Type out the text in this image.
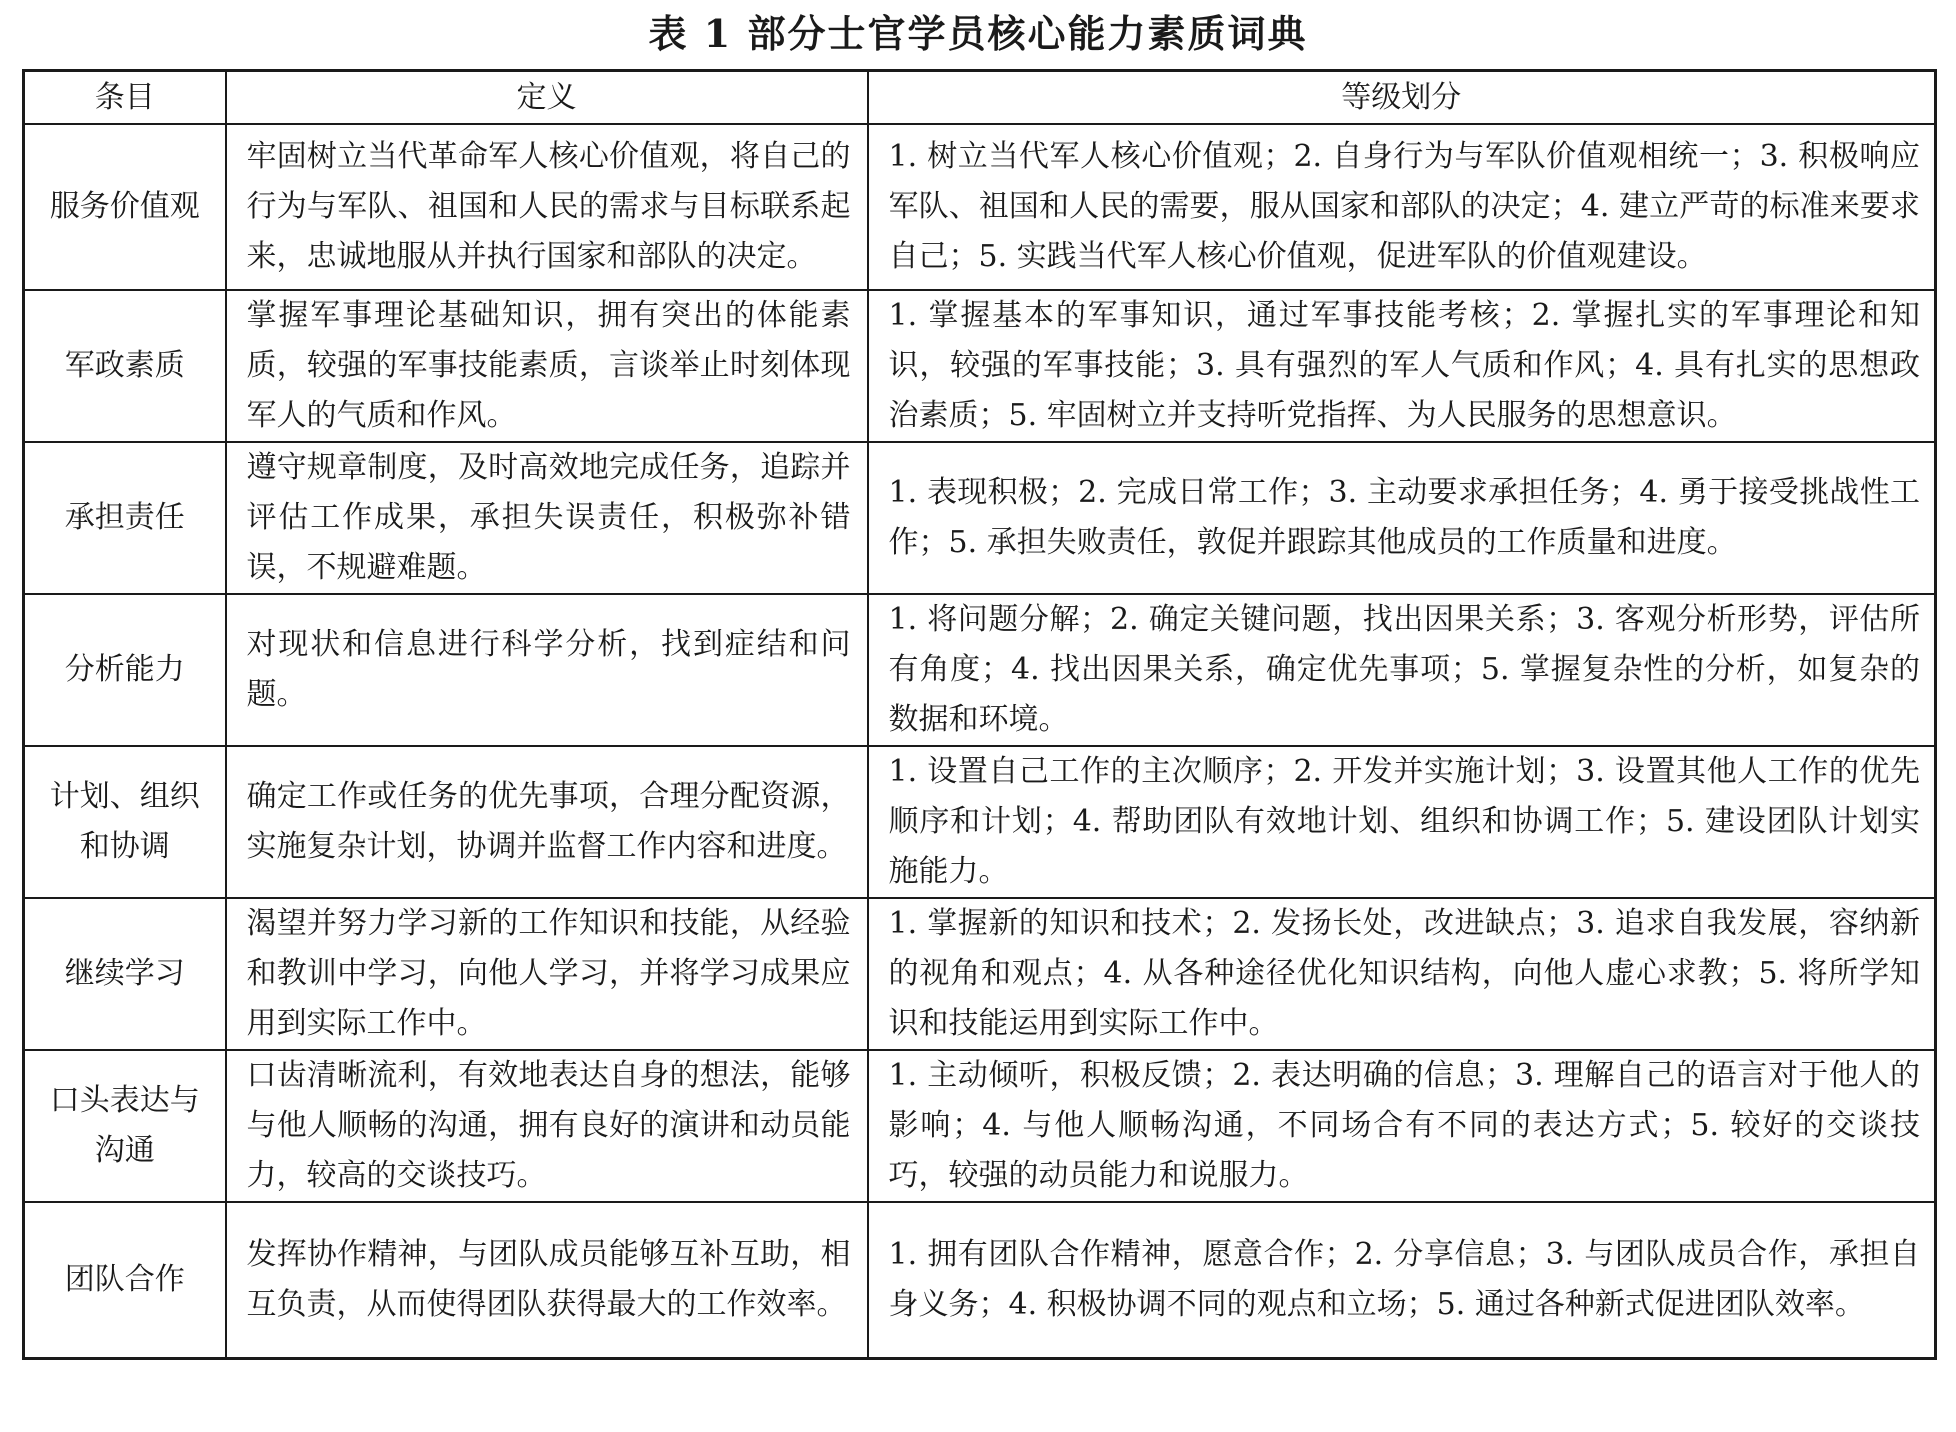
表 1 部分士官学员核心能力素质词典
条目	定义	等级划分
服务价值观	牢固树立当代革命军人核心价值观，将自己的行为与军队、祖国和人民的需求与目标联系起来，忠诚地服从并执行国家和部队的决定。	1. 树立当代军人核心价值观；2. 自身行为与军队价值观相统一；3. 积极响应军队、祖国和人民的需要，服从国家和部队的决定；4. 建立严苛的标准来要求自己；5. 实践当代军人核心价值观，促进军队的价值观建设。
军政素质	掌握军事理论基础知识，拥有突出的体能素质，较强的军事技能素质，言谈举止时刻体现军人的气质和作风。	1. 掌握基本的军事知识，通过军事技能考核；2. 掌握扎实的军事理论和知识，较强的军事技能；3. 具有强烈的军人气质和作风；4. 具有扎实的思想政治素质；5. 牢固树立并支持听党指挥、为人民服务的思想意识。
承担责任	遵守规章制度，及时高效地完成任务，追踪并评估工作成果，承担失误责任，积极弥补错误，不规避难题。	1. 表现积极；2. 完成日常工作；3. 主动要求承担任务；4. 勇于接受挑战性工作；5. 承担失败责任，敦促并跟踪其他成员的工作质量和进度。
分析能力	对现状和信息进行科学分析，找到症结和问题。	1. 将问题分解；2. 确定关键问题，找出因果关系；3. 客观分析形势，评估所有角度；4. 找出因果关系，确定优先事项；5. 掌握复杂性的分析，如复杂的数据和环境。
计划、组织和协调	确定工作或任务的优先事项，合理分配资源，实施复杂计划，协调并监督工作内容和进度。	1. 设置自己工作的主次顺序；2. 开发并实施计划；3. 设置其他人工作的优先顺序和计划；4. 帮助团队有效地计划、组织和协调工作；5. 建设团队计划实施能力。
继续学习	渴望并努力学习新的工作知识和技能，从经验和教训中学习，向他人学习，并将学习成果应用到实际工作中。	1. 掌握新的知识和技术；2. 发扬长处，改进缺点；3. 追求自我发展，容纳新的视角和观点；4. 从各种途径优化知识结构，向他人虚心求教；5. 将所学知识和技能运用到实际工作中。
口头表达与沟通	口齿清晰流利，有效地表达自身的想法，能够与他人顺畅的沟通，拥有良好的演讲和动员能力，较高的交谈技巧。	1. 主动倾听，积极反馈；2. 表达明确的信息；3. 理解自己的语言对于他人的影响；4. 与他人顺畅沟通，不同场合有不同的表达方式；5. 较好的交谈技巧，较强的动员能力和说服力。
团队合作	发挥协作精神，与团队成员能够互补互助，相互负责，从而使得团队获得最大的工作效率。	1. 拥有团队合作精神，愿意合作；2. 分享信息；3. 与团队成员合作，承担自身义务；4. 积极协调不同的观点和立场；5. 通过各种新式促进团队效率。
